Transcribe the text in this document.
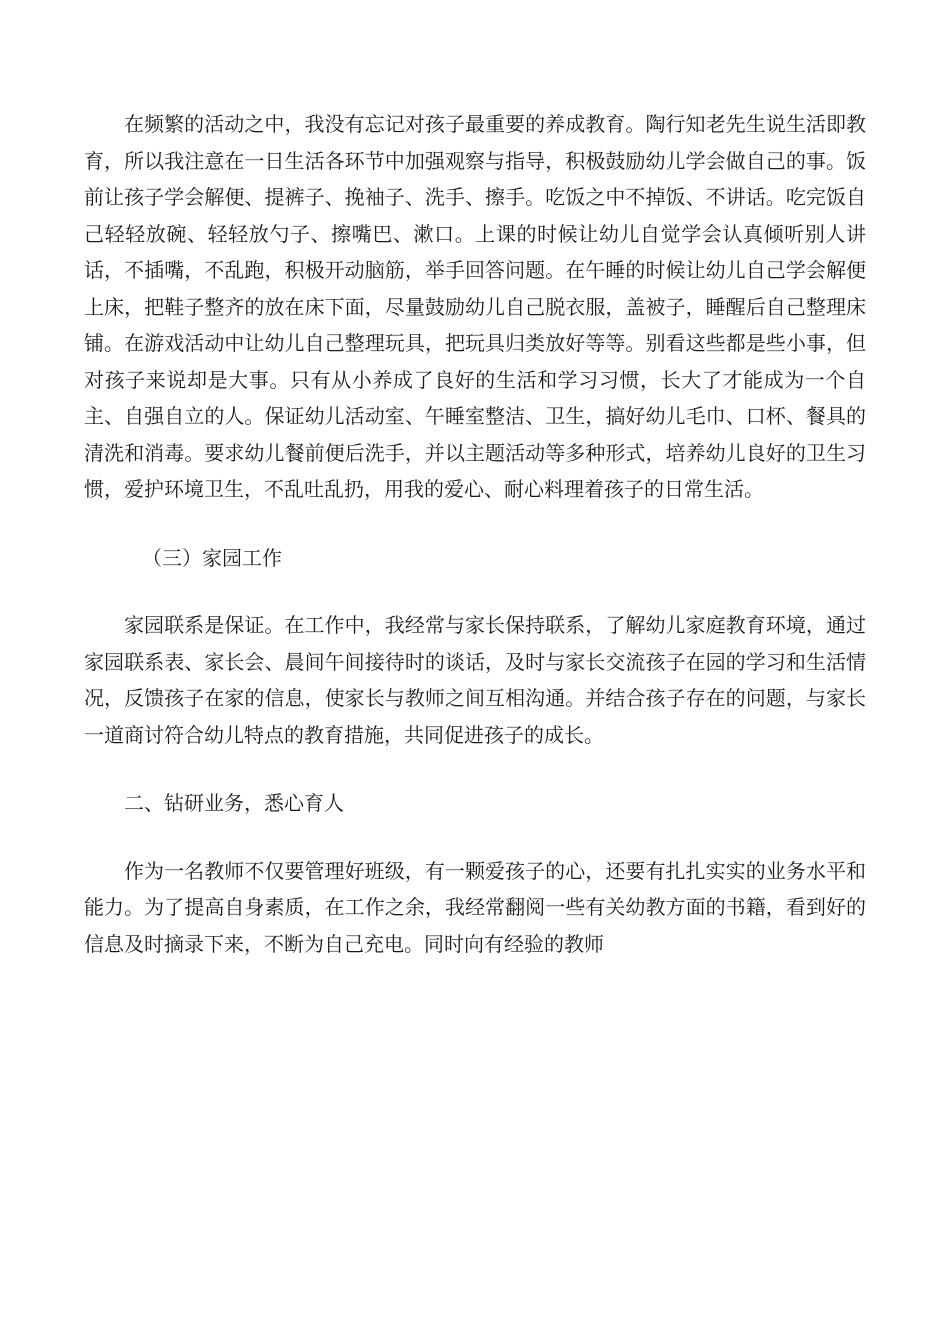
在频繁的活动之中，我没有忘记对孩子最重要的养成教育。陶行知老先生说生活即教育，所以我注意在一日生活各环节中加强观察与指导，积极鼓励幼儿学会做自己的事。饭前让孩子学会解便、提裤子、挽袖子、洗手、擦手。吃饭之中不掉饭、不讲话。吃完饭自己轻轻放碗、轻轻放勺子、擦嘴巴、漱口。上课的时候让幼儿自觉学会认真倾听别人讲话，不插嘴，不乱跑，积极开动脑筋，举手回答问题。在午睡的时候让幼儿自己学会解便上床，把鞋子整齐的放在床下面，尽量鼓励幼儿自己脱衣服，盖被子，睡醒后自己整理床铺。在游戏活动中让幼儿自己整理玩具，把玩具归类放好等等。别看这些都是些小事，但对孩子来说却是大事。只有从小养成了良好的生活和学习习惯，长大了才能成为一个自主、自强自立的人。保证幼儿活动室、午睡室整洁、卫生，搞好幼儿毛巾、口杯、餐具的清洗和消毒。要求幼儿餐前便后洗手，并以主题活动等多种形式，培养幼儿良好的卫生习惯，爱护环境卫生，不乱吐乱扔，用我的爱心、耐心料理着孩子的日常生活。

（三）家园工作

家园联系是保证。在工作中，我经常与家长保持联系，了解幼儿家庭教育环境，通过家园联系表、家长会、晨间午间接待时的谈话，及时与家长交流孩子在园的学习和生活情况，反馈孩子在家的信息，使家长与教师之间互相沟通。并结合孩子存在的问题，与家长一道商讨符合幼儿特点的教育措施，共同促进孩子的成长。

二、钻研业务，悉心育人

作为一名教师不仅要管理好班级，有一颗爱孩子的心，还要有扎扎实实的业务水平和能力。为了提高自身素质，在工作之余，我经常翻阅一些有关幼教方面的书籍，看到好的信息及时摘录下来，不断为自己充电。同时向有经验的教师
